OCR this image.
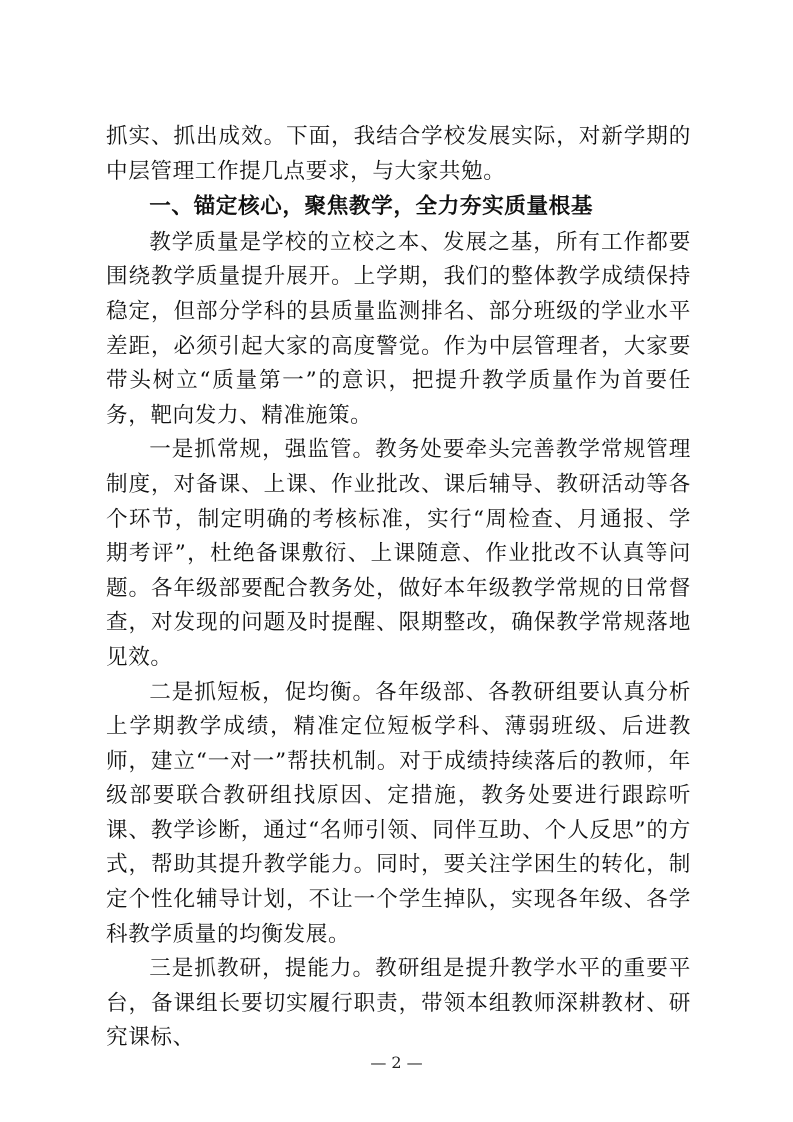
抓实、抓出成效。下面，我结合学校发展实际，对新学期的中层管理工作提几点要求，与大家共勉。

一、锚定核心，聚焦教学，全力夯实质量根基

教学质量是学校的立校之本、发展之基，所有工作都要围绕教学质量提升展开。上学期，我们的整体教学成绩保持稳定，但部分学科的县质量监测排名、部分班级的学业水平差距，必须引起大家的高度警觉。作为中层管理者，大家要带头树立“质量第一”的意识，把提升教学质量作为首要任务，靶向发力、精准施策。

一是抓常规，强监管。教务处要牵头完善教学常规管理制度，对备课、上课、作业批改、课后辅导、教研活动等各个环节，制定明确的考核标准，实行“周检查、月通报、学期考评”，杜绝备课敷衍、上课随意、作业批改不认真等问题。各年级部要配合教务处，做好本年级教学常规的日常督查，对发现的问题及时提醒、限期整改，确保教学常规落地见效。

二是抓短板，促均衡。各年级部、各教研组要认真分析上学期教学成绩，精准定位短板学科、薄弱班级、后进教师，建立“一对一”帮扶机制。对于成绩持续落后的教师，年级部要联合教研组找原因、定措施，教务处要进行跟踪听课、教学诊断，通过“名师引领、同伴互助、个人反思”的方式，帮助其提升教学能力。同时，要关注学困生的转化，制定个性化辅导计划，不让一个学生掉队，实现各年级、各学科教学质量的均衡发展。

三是抓教研，提能力。教研组是提升教学水平的重要平台，备课组长要切实履行职责，带领本组教师深耕教材、研究课标、

— 2 —
